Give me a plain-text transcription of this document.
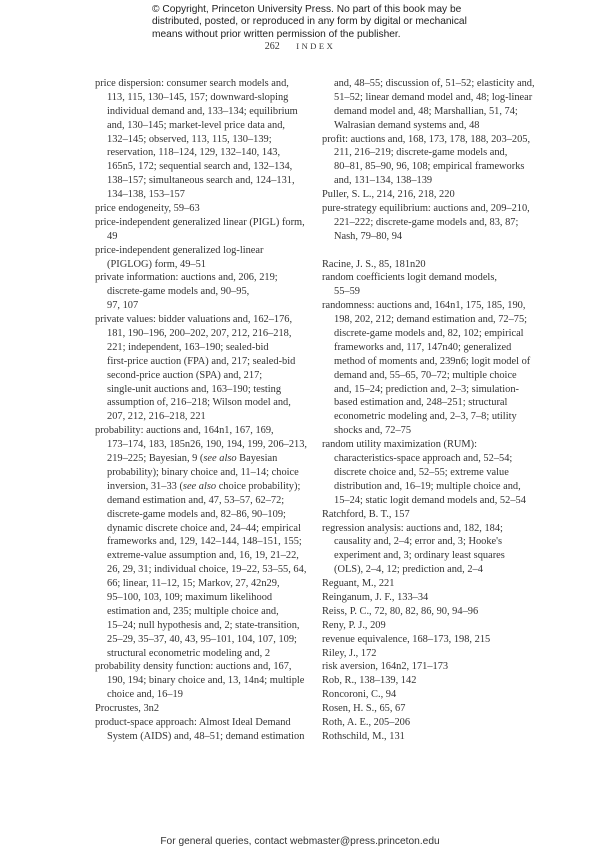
© Copyright, Princeton University Press. No part of this book may be
distributed, posted, or reproduced in any form by digital or mechanical
means without prior written permission of the publisher.
262 INDEX
price dispersion: consumer search models and,
113, 115, 130–145, 157; downward-sloping
individual demand and, 133–134; equilibrium
and, 130–145; market-level price data and,
132–145; observed, 113, 115, 130–139;
reservation, 118–124, 129, 132–140, 143,
165n5, 172; sequential search and, 132–134,
138–157; simultaneous search and, 124–131,
134–138, 153–157
price endogeneity, 59–63
price-independent generalized linear (PIGL) form,
49
price-independent generalized log-linear
(PIGLOG) form, 49–51
private information: auctions and, 206, 219;
discrete-game models and, 90–95,
97, 107
private values: bidder valuations and, 162–176,
181, 190–196, 200–202, 207, 212, 216–218,
221; independent, 163–190; sealed-bid
first-price auction (FPA) and, 217; sealed-bid
second-price auction (SPA) and, 217;
single-unit auctions and, 163–190; testing
assumption of, 216–218; Wilson model and,
207, 212, 216–218, 221
probability: auctions and, 164n1, 167, 169,
173–174, 183, 185n26, 190, 194, 199, 206–213,
219–225; Bayesian, 9 (see also Bayesian
probability); binary choice and, 11–14; choice
inversion, 31–33 (see also choice probability);
demand estimation and, 47, 53–57, 62–72;
discrete-game models and, 82–86, 90–109;
dynamic discrete choice and, 24–44; empirical
frameworks and, 129, 142–144, 148–151, 155;
extreme-value assumption and, 16, 19, 21–22,
26, 29, 31; individual choice, 19–22, 53–55, 64,
66; linear, 11–12, 15; Markov, 27, 42n29,
95–100, 103, 109; maximum likelihood
estimation and, 235; multiple choice and,
15–24; null hypothesis and, 2; state-transition,
25–29, 35–37, 40, 43, 95–101, 104, 107, 109;
structural econometric modeling and, 2
probability density function: auctions and, 167,
190, 194; binary choice and, 13, 14n4; multiple
choice and, 16–19
Procrustes, 3n2
product-space approach: Almost Ideal Demand
System (AIDS) and, 48–51; demand estimation
and, 48–55; discussion of, 51–52; elasticity and,
51–52; linear demand model and, 48; log-linear
demand model and, 48; Marshallian, 51, 74;
Walrasian demand systems and, 48
profit: auctions and, 168, 173, 178, 188, 203–205,
211, 216–219; discrete-game models and,
80–81, 85–90, 96, 108; empirical frameworks
and, 131–134, 138–139
Puller, S. L., 214, 216, 218, 220
pure-strategy equilibrium: auctions and, 209–210,
221–222; discrete-game models and, 83, 87;
Nash, 79–80, 94
Racine, J. S., 85, 181n20
random coefficients logit demand models,
55–59
randomness: auctions and, 164n1, 175, 185, 190,
198, 202, 212; demand estimation and, 72–75;
discrete-game models and, 82, 102; empirical
frameworks and, 117, 147n40; generalized
method of moments and, 239n6; logit model of
demand and, 55–65, 70–72; multiple choice
and, 15–24; prediction and, 2–3; simulation-
based estimation and, 248–251; structural
econometric modeling and, 2–3, 7–8; utility
shocks and, 72–75
random utility maximization (RUM):
characteristics-space approach and, 52–54;
discrete choice and, 52–55; extreme value
distribution and, 16–19; multiple choice and,
15–24; static logit demand models and, 52–54
Ratchford, B. T., 157
regression analysis: auctions and, 182, 184;
causality and, 2–4; error and, 3; Hooke's
experiment and, 3; ordinary least squares
(OLS), 2–4, 12; prediction and, 2–4
Reguant, M., 221
Reinganum, J. F., 133–34
Reiss, P. C., 72, 80, 82, 86, 90, 94–96
Reny, P. J., 209
revenue equivalence, 168–173, 198, 215
Riley, J., 172
risk aversion, 164n2, 171–173
Rob, R., 138–139, 142
Roncoroni, C., 94
Rosen, H. S., 65, 67
Roth, A. E., 205–206
Rothschild, M., 131
For general queries, contact webmaster@press.princeton.edu
